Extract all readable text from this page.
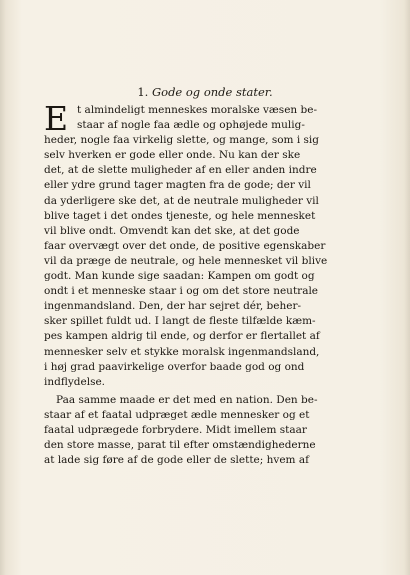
1. Gode og onde stater.
E t almindeligt menneskes moralske væsen be-
staar af nogle faa ædle og ophøjede mulig-
heder, nogle faa virkelig slette, og mange, som i sig
selv hverken er gode eller onde. Nu kan der ske
det, at de slette muligheder af en eller anden indre
eller ydre grund tager magten fra de gode; der vil
da yderligere ske det, at de neutrale muligheder vil
blive taget i det ondes tjeneste, og hele mennesket
vil blive ondt. Omvendt kan det ske, at det gode
faar overvægt over det onde, de positive egenskaber
vil da præge de neutrale, og hele mennesket vil blive
godt. Man kunde sige saadan: Kampen om godt og
ondt i et menneske staar i og om det store neutrale
ingenmandsland. Den, der har sejret dér, beher-
sker spillet fuldt ud. I langt de fleste tilfælde kæm-
pes kampen aldrig til ende, og derfor er flertallet af
mennesker selv et stykke moralsk ingenmandsland,
i høj grad paavirkelige overfor baade god og ond
indflydelse.
Paa samme maade er det med en nation. Den be-
staar af et faatal udpræget ædle mennesker og et
faatal udprægede forbrydere. Midt imellem staar
den store masse, parat til efter omstændighederne
at lade sig føre af de gode eller de slette; hvem af
